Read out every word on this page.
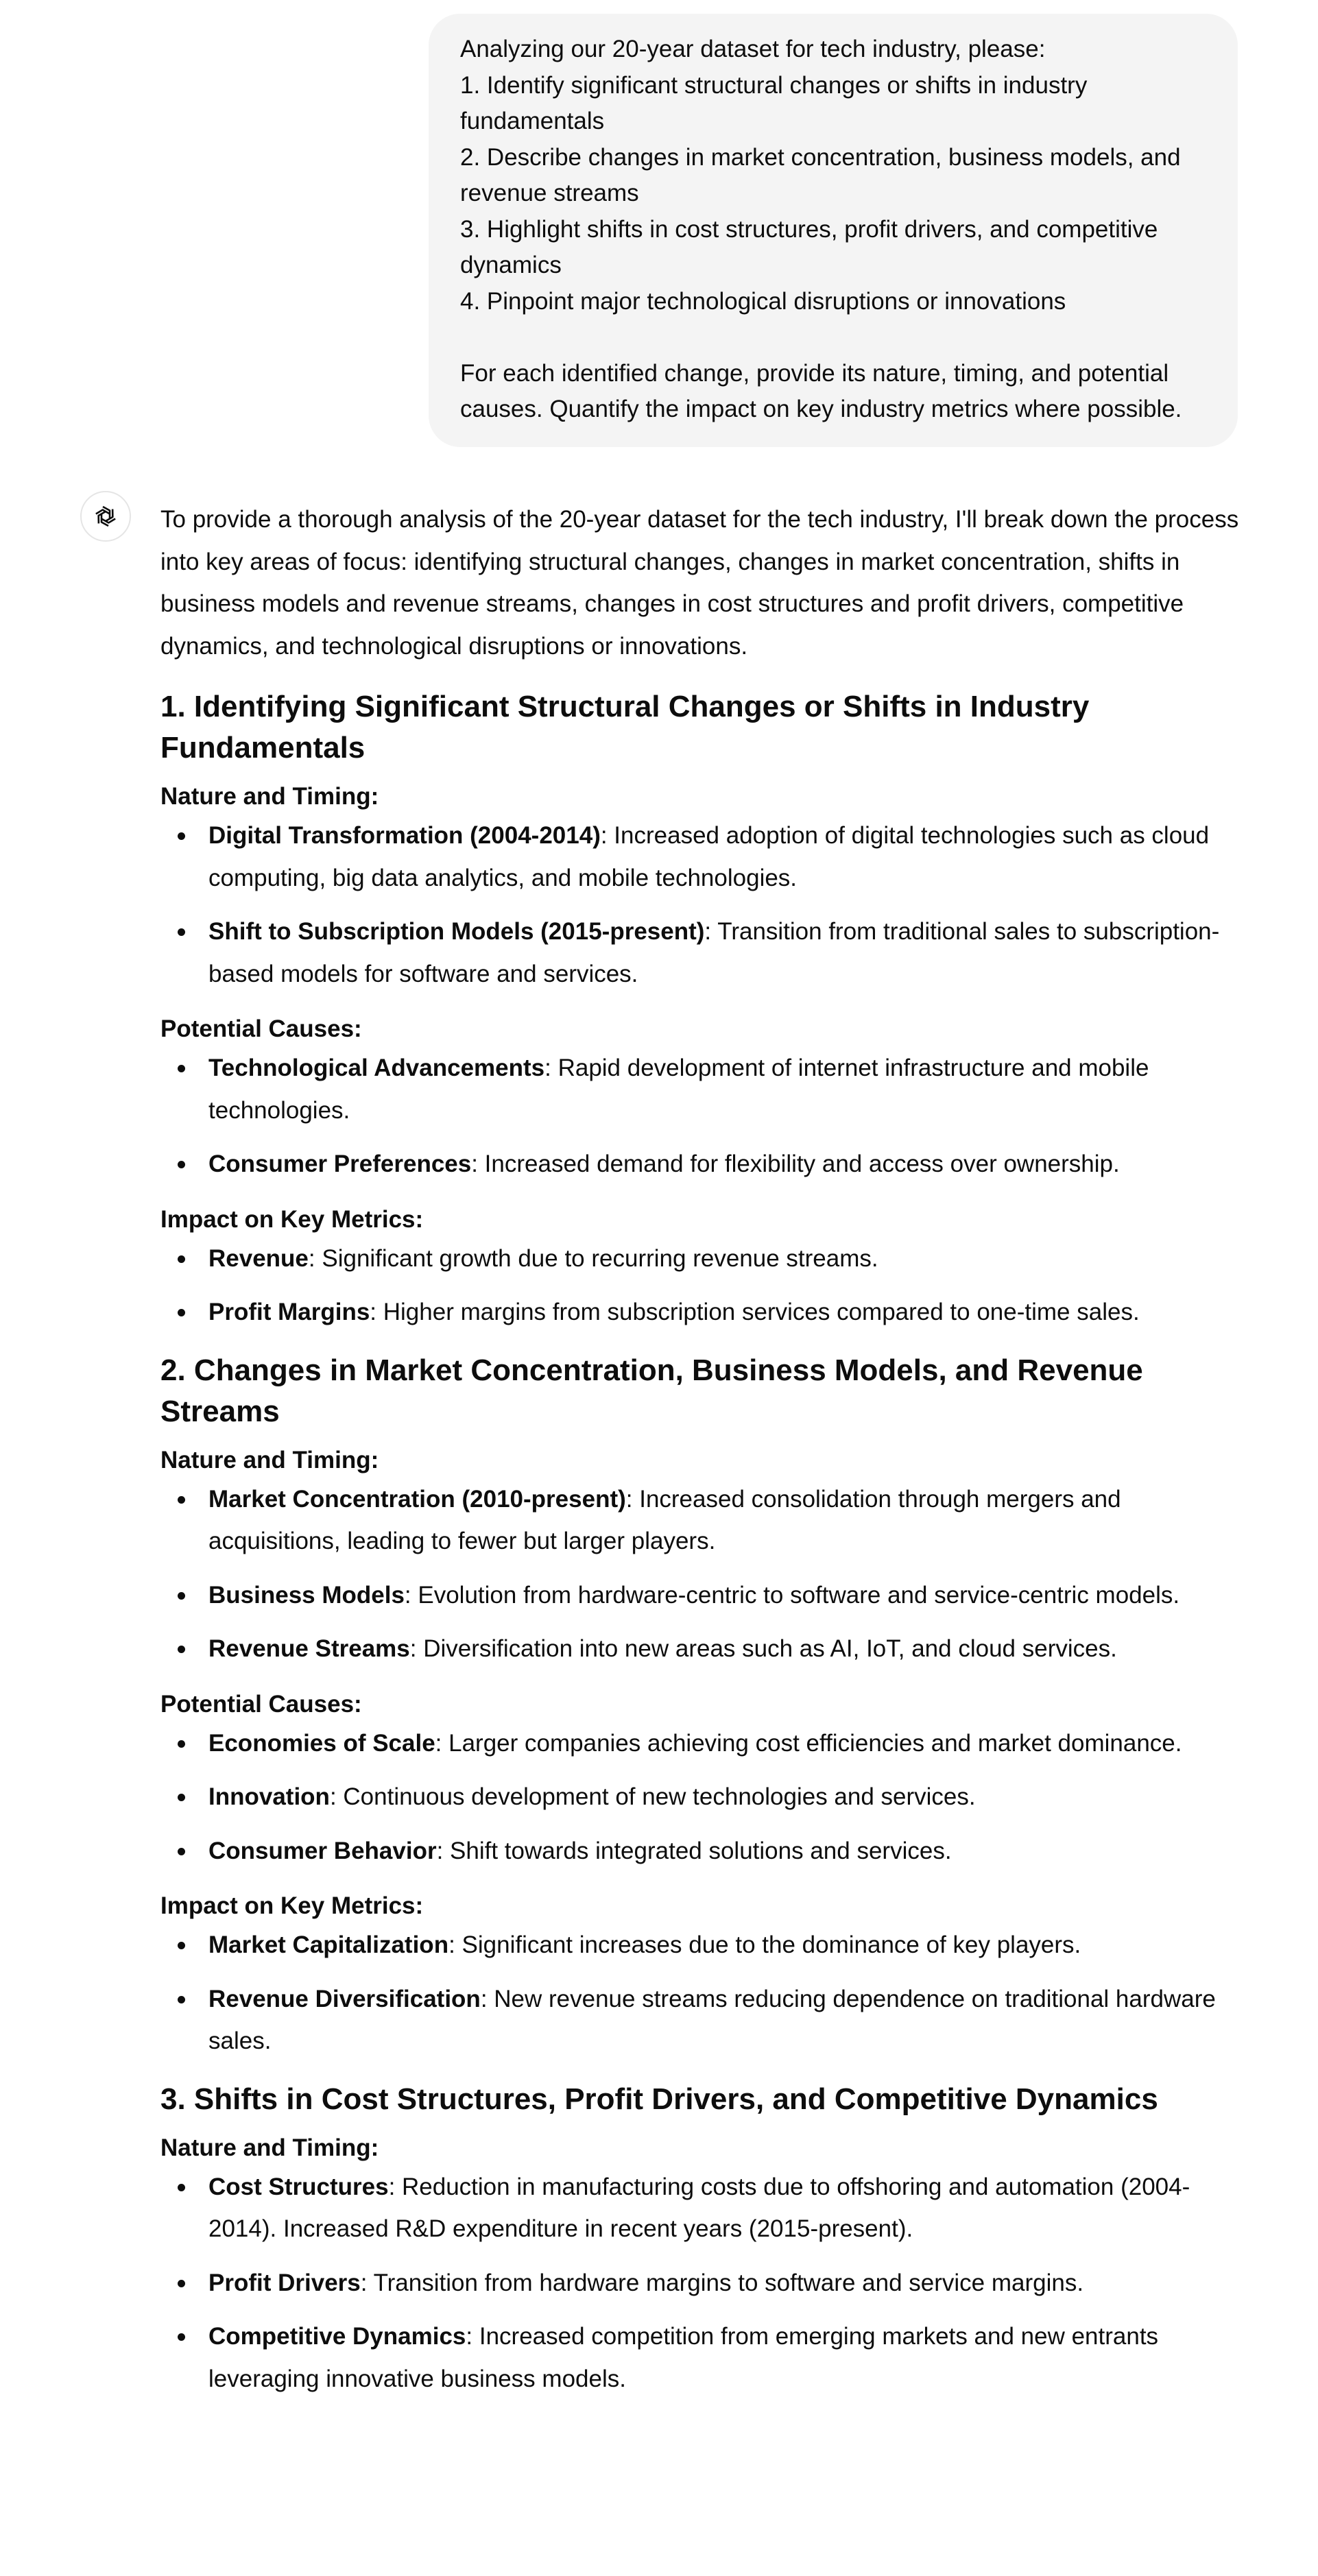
Analyzing our 20-year dataset for tech industry, please:
1. Identify significant structural changes or shifts in industry
fundamentals
2. Describe changes in market concentration, business models, and
revenue streams
3. Highlight shifts in cost structures, profit drivers, and competitive
dynamics
4. Pinpoint major technological disruptions or innovations
For each identified change, provide its nature, timing, and potential
causes. Quantify the impact on key industry metrics where possible.

To provide a thorough analysis of the 20-year dataset for the tech industry, I'll break down the process into key areas of focus: identifying structural changes, changes in market concentration, shifts in business models and revenue streams, changes in cost structures and profit drivers, competitive dynamics, and technological disruptions or innovations.

1. Identifying Significant Structural Changes or Shifts in Industry Fundamentals

Nature and Timing:

Digital Transformation (2004-2014): Increased adoption of digital technologies such as cloud computing, big data analytics, and mobile technologies.
Shift to Subscription Models (2015-present): Transition from traditional sales to subscription-based models for software and services.

Potential Causes:

Technological Advancements: Rapid development of internet infrastructure and mobile technologies.
Consumer Preferences: Increased demand for flexibility and access over ownership.

Impact on Key Metrics:

Revenue: Significant growth due to recurring revenue streams.
Profit Margins: Higher margins from subscription services compared to one-time sales.
2. Changes in Market Concentration, Business Models, and Revenue Streams

Nature and Timing:

Market Concentration (2010-present): Increased consolidation through mergers and acquisitions, leading to fewer but larger players.
Business Models: Evolution from hardware-centric to software and service-centric models.
Revenue Streams: Diversification into new areas such as AI, IoT, and cloud services.

Potential Causes:

Economies of Scale: Larger companies achieving cost efficiencies and market dominance.
Innovation: Continuous development of new technologies and services.
Consumer Behavior: Shift towards integrated solutions and services.

Impact on Key Metrics:

Market Capitalization: Significant increases due to the dominance of key players.
Revenue Diversification: New revenue streams reducing dependence on traditional hardware sales.
3. Shifts in Cost Structures, Profit Drivers, and Competitive Dynamics

Nature and Timing:

Cost Structures: Reduction in manufacturing costs due to offshoring and automation (2004-2014). Increased R&D expenditure in recent years (2015-present).
Profit Drivers: Transition from hardware margins to software and service margins.
Competitive Dynamics: Increased competition from emerging markets and new entrants leveraging innovative business models.
